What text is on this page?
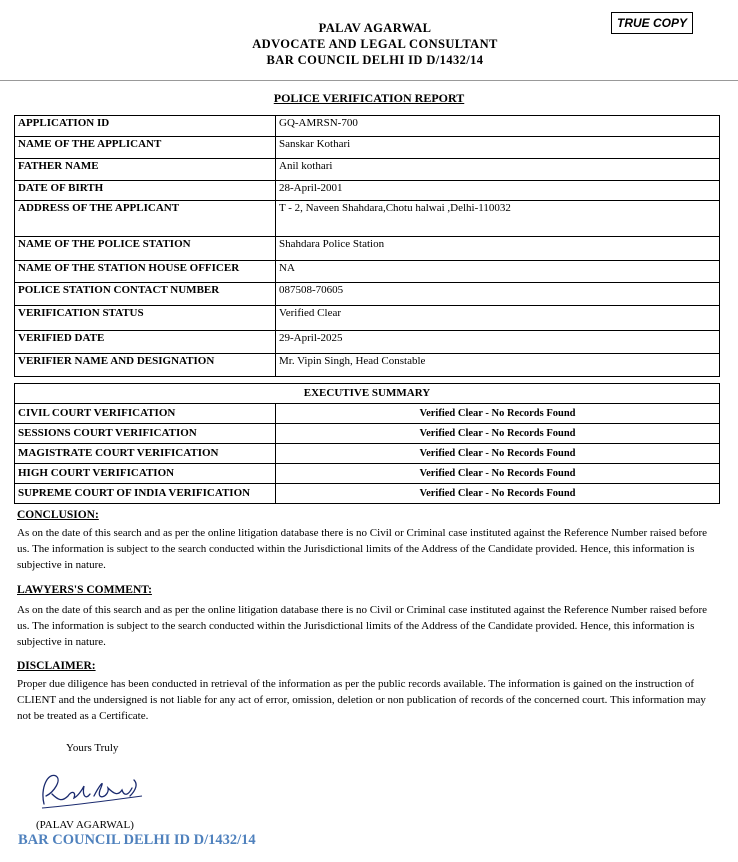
TRUE COPY
PALAV AGARWAL
ADVOCATE AND LEGAL CONSULTANT
BAR COUNCIL DELHI ID D/1432/14
POLICE VERIFICATION REPORT
APPLICATION ID	GQ-AMRSN-700
NAME OF THE APPLICANT	Sanskar Kothari
FATHER NAME	Anil kothari
DATE OF BIRTH	28-April-2001
ADDRESS OF THE APPLICANT	T - 2, Naveen Shahdara,Chotu halwai ,Delhi-110032
NAME OF THE POLICE STATION	Shahdara Police Station
NAME OF THE STATION HOUSE OFFICER	NA
POLICE STATION CONTACT NUMBER	087508-70605
VERIFICATION STATUS	Verified Clear
VERIFIED DATE	29-April-2025
VERIFIER NAME AND DESIGNATION	Mr. Vipin Singh, Head Constable
EXECUTIVE SUMMARY	
CIVIL COURT VERIFICATION	Verified Clear - No Records Found
SESSIONS COURT VERIFICATION	Verified Clear - No Records Found
MAGISTRATE COURT VERIFICATION	Verified Clear - No Records Found
HIGH COURT VERIFICATION	Verified Clear - No Records Found
SUPREME COURT OF INDIA VERIFICATION	Verified Clear - No Records Found
CONCLUSION:
As on the date of this search and as per the online litigation database there is no Civil or Criminal case instituted against the Reference Number raised before us. The information is subject to the search conducted within the Jurisdictional limits of the Address of the Candidate provided. Hence, this information is subjective in nature.
LAWYERS'S COMMENT:
As on the date of this search and as per the online litigation database there is no Civil or Criminal case instituted against the Reference Number raised before us. The information is subject to the search conducted within the Jurisdictional limits of the Address of the Candidate provided. Hence, this information is subjective in nature.
DISCLAIMER:
Proper due diligence has been conducted in retrieval of the information as per the public records available. The information is gained on the instruction of CLIENT and the undersigned is not liable for any act of error, omission, deletion or non publication of records of the concerned court. This information may not be treated as a Certificate.
Yours Truly
(PALAV AGARWAL)
BAR COUNCIL DELHI ID D/1432/14
